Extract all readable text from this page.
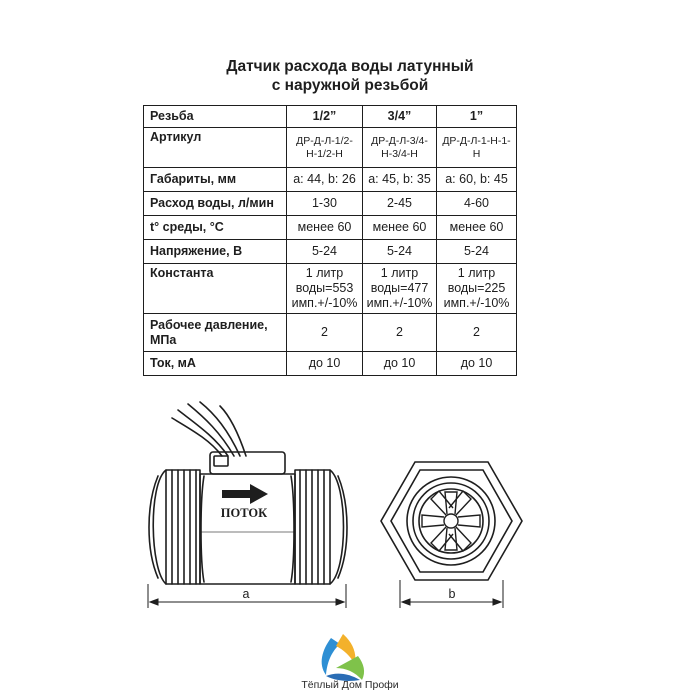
Датчик расхода воды латунный
с наружной резьбой
Резьба	1/2”	3/4”	1”
Артикул	ДР-Д-Л-1/2-Н-1/2-Н	ДР-Д-Л-3/4-Н-3/4-Н	ДР-Д-Л-1-Н-1-Н
Габариты, мм	a: 44, b: 26	a: 45, b: 35	a: 60, b: 45
Расход воды, л/мин	1-30	2-45	4-60
t° среды, °C	менее 60	менее 60	менее 60
Напряжение, В	5-24	5-24	5-24
Константа	1 литр воды=553 имп.+/-10%	1 литр воды=477 имп.+/-10%	1 литр воды=225 имп.+/-10%
Рабочее давление, МПа	2	2	2
Ток, мА	до 10	до 10	до 10
ПОТОК
a	b
Тёплый Дом Профи
